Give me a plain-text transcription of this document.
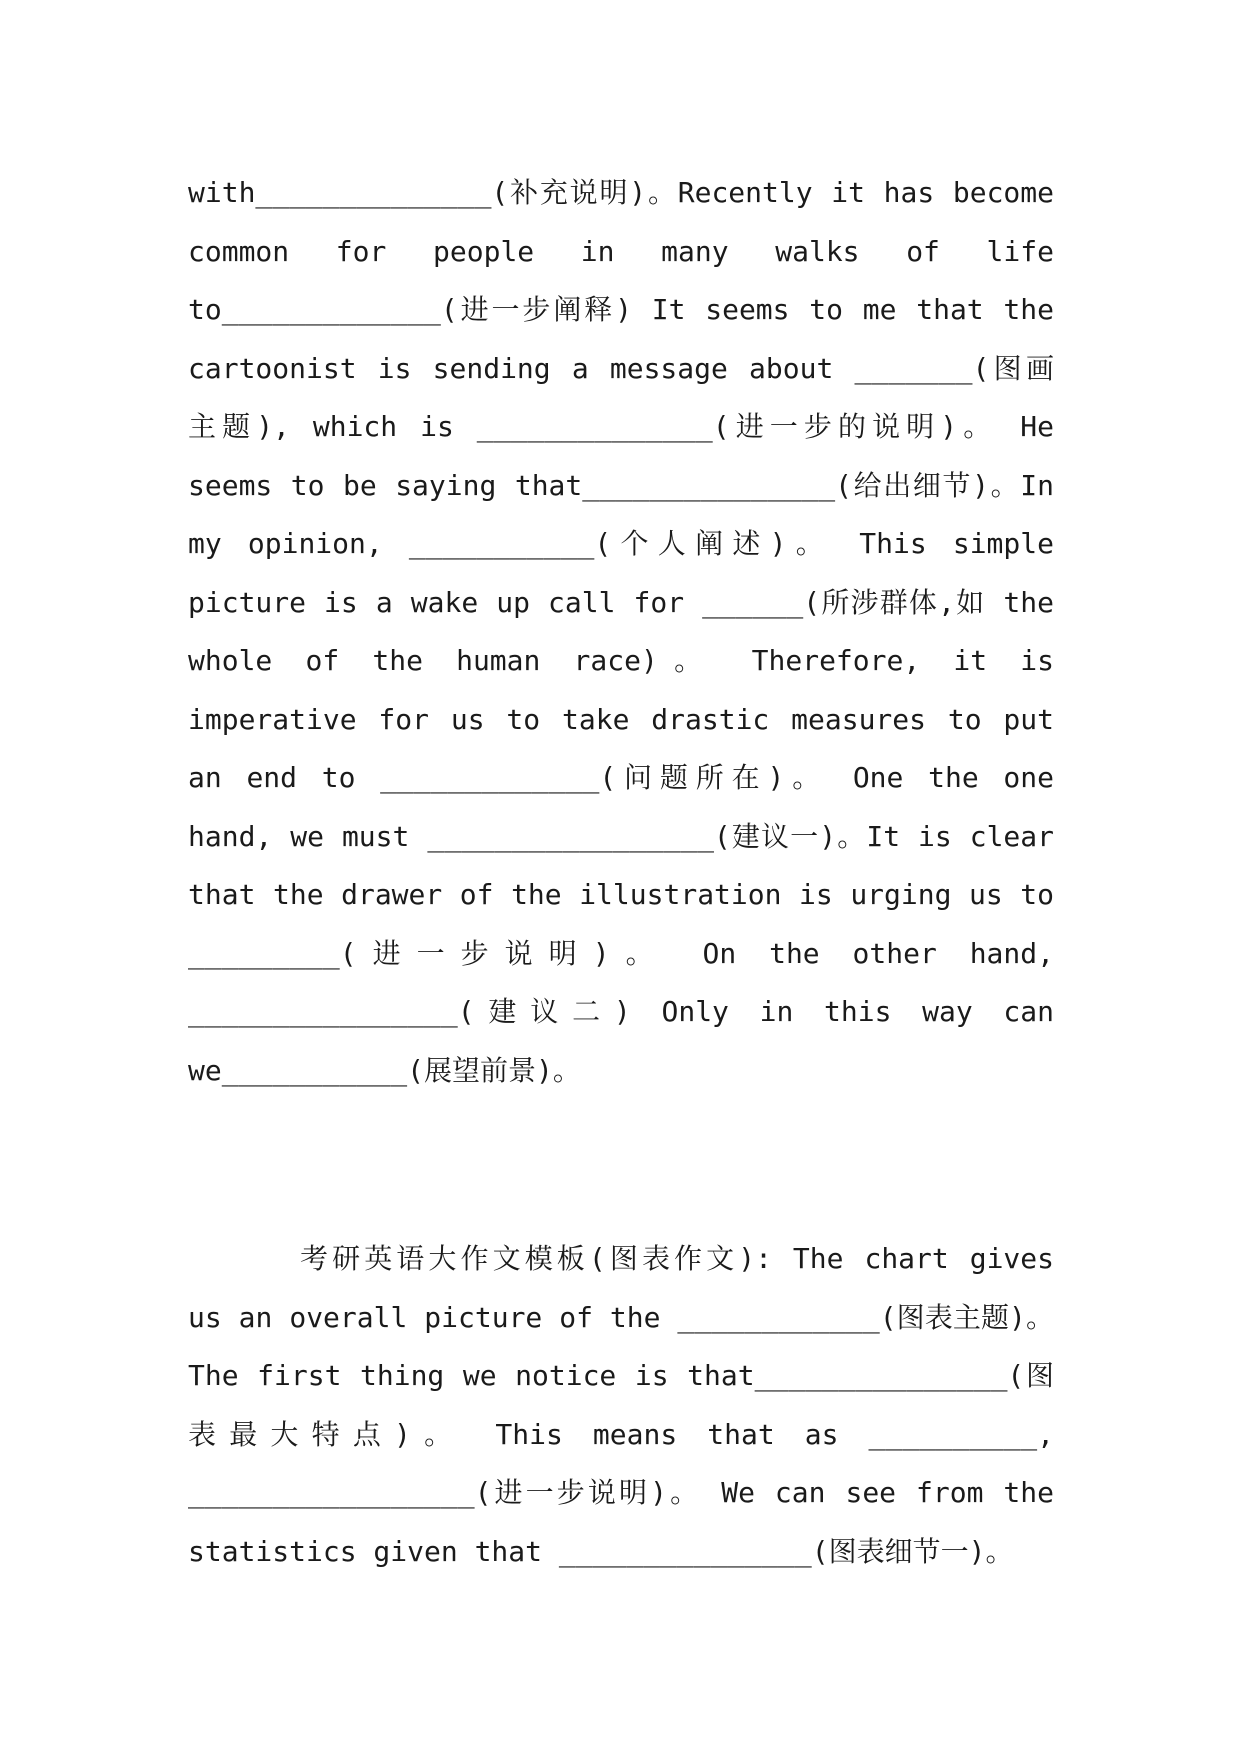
with______________(补充说明)。Recently it has become
common for people in many walks of life
to_____________(进一步阐释) It seems to me that the
cartoonist is sending a message about _______(图画
主题), which is ______________(进一步的说明)。 He
seems to be saying that_______________(给出细节)。In
my opinion, ___________(个人阐述)。 This simple
picture is a wake up call for ______(所涉群体,如 the
whole of the human race)。 Therefore, it is
imperative for us to take drastic measures to put
an end to _____________(问题所在)。 One the one
hand, we must _________________(建议一)。It is clear
that the drawer of the illustration is urging us to
_________(进一步说明)。 On the other hand,
________________(建议二) Only in this way can
we___________(展望前景)。
考研英语大作文模板(图表作文): The chart gives
us an overall picture of the ____________(图表主题)。
The first thing we notice is that_______________(图
表最大特点)。 This means that as __________,
_________________(进一步说明)。 We can see from the
statistics given that _______________(图表细节一)。
